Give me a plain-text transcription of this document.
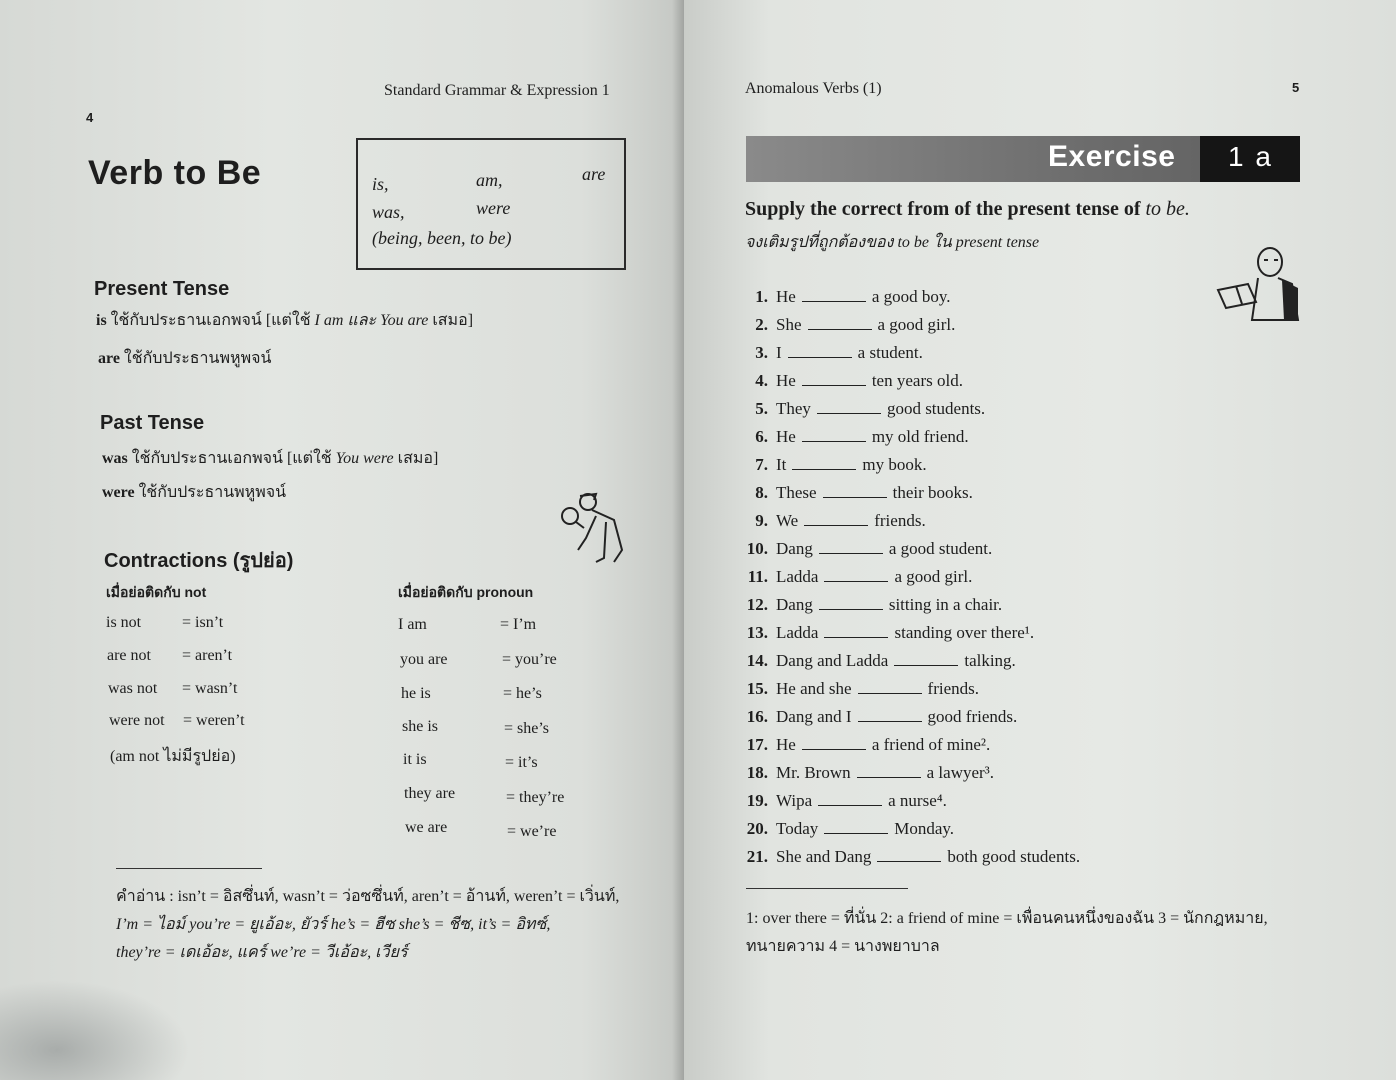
4
Standard Grammar & Expression 1
Verb to Be	is,	am,	are
was,	were
(being, been, to be)
Present Tense
is ใช้กับประธานเอกพจน์ [แต่ใช้ I am และ You are เสมอ]
are ใช้กับประธานพหูพจน์
Past Tense
was ใช้กับประธานเอกพจน์ [แต่ใช้ You were เสมอ]
were ใช้กับประธานพหูพจน์
Contractions (รูปย่อ)
เมื่อย่อติดกับ not	เมื่อย่อติดกับ pronoun
is not	= isn’t
are not = aren’t
was not = wasn’t
were not = weren’t
(am not ไม่มีรูปย่อ)
I am	= I’m
you are	= you’re
he is	= he’s
she is	= she’s
it is	= it’s
they are	= they’re
we are	= we’re
คำอ่าน : isn’t = อิสซึ่นท์, wasn’t = ว่อซซึ่นท์, aren’t = อ้านท์, weren’t = เวิ่นท์,
I’m = ไอม์ you’re = ยูเอ้อะ, ยัวร์ he’s = ฮีซ she’s = ชีซ, it’s = อิทซ์,
they’re = เดเอ้อะ, แคร์ we’re = วีเอ้อะ, เวียร์
Anomalous Verbs (1)	5
Exercise 1 a
Supply the correct from of the present tense of to be.
จงเติมรูปที่ถูกต้องของ to be ใน present tense
1. He	a good boy.
2. She	a good girl.
3. I	a student.
4. He	ten years old.
5. They	good students.
6. He	my old friend.
7. It	my book.
8. These	their books.
9. We	friends.
10. Dang	a good student.
11. Ladda	a good girl.
12. Dang	sitting in a chair.
13. Ladda	standing over there¹.
14. Dang and Ladda	talking.
15. He and she	friends.
16. Dang and I	good friends.
17. He	a friend of mine².
18. Mr. Brown	a lawyer³.
19. Wipa	a nurse⁴.
20. Today	Monday.
21. She and Dang	both good students.
1: over there = ที่นั่น 2: a friend of mine = เพื่อนคนหนึ่งของฉัน 3 = นักกฎหมาย,
ทนายความ 4 = นางพยาบาล
